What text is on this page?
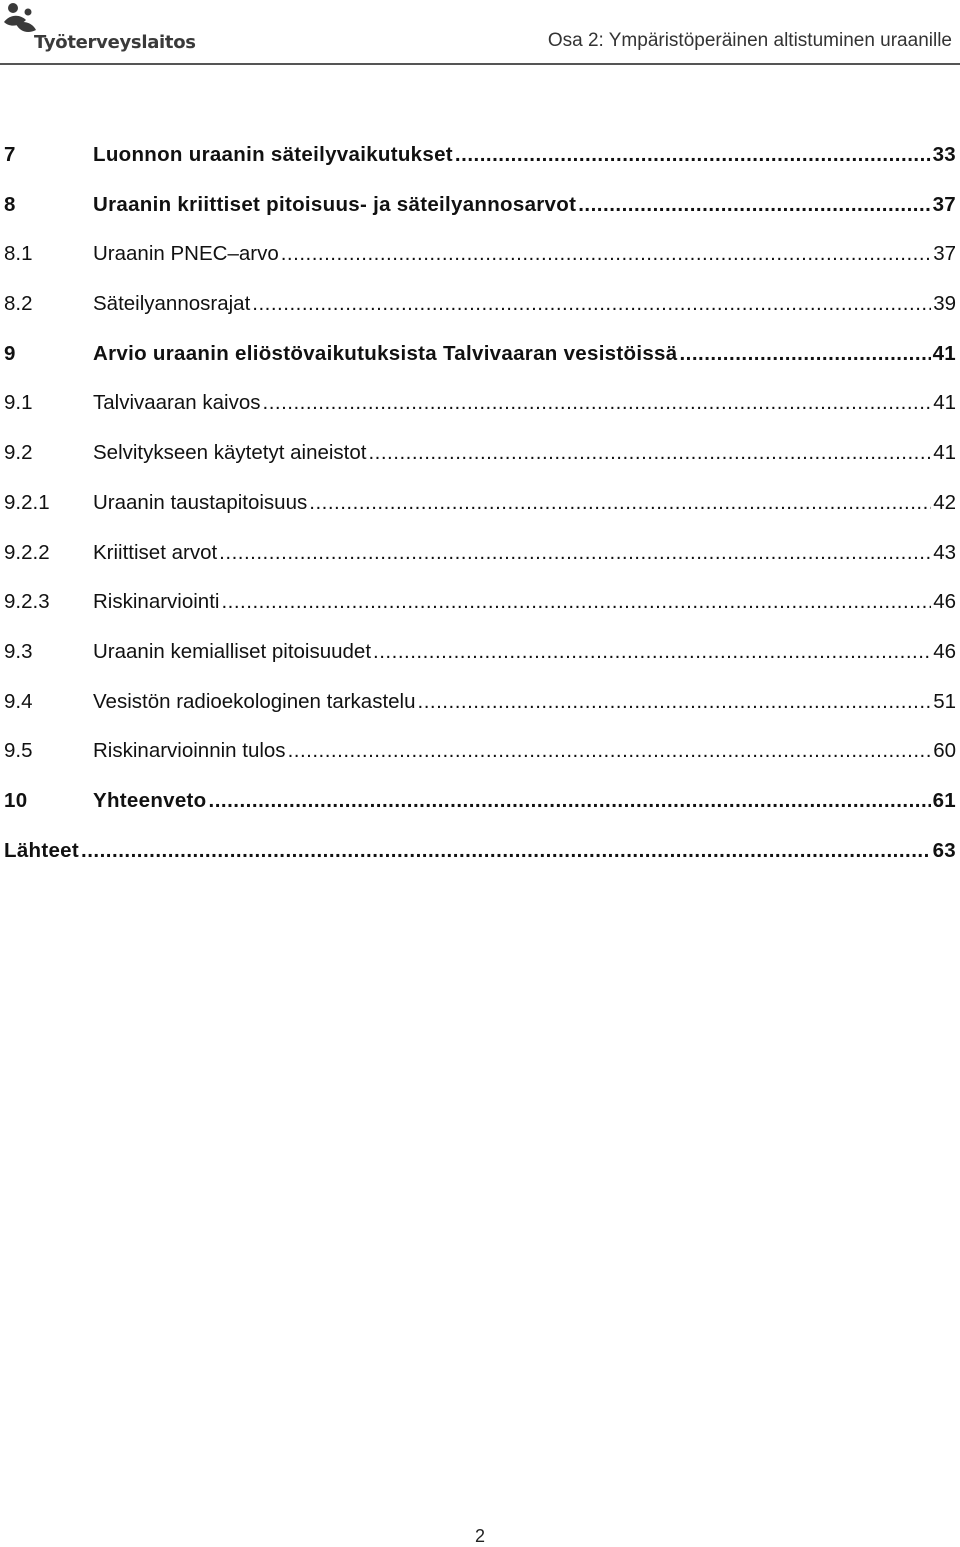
Työterveyslaitos	Osa 2: Ympäristöperäinen altistuminen uraanille
7	Luonnon uraanin säteilyvaikutukset .....	33
8	Uraanin kriittiset pitoisuus- ja säteilyannosarvot .....	37
8.1	Uraanin PNEC–arvo .....	37
8.2	Säteilyannosrajat .....	39
9	Arvio uraanin eliöstövaikutuksista Talvivaaran vesistöissä .....	41
9.1	Talvivaaran kaivos .....	41
9.2	Selvitykseen käytetyt aineistot .....	41
9.2.1 Uraanin taustapitoisuus .....	42
9.2.2 Kriittiset arvot .....	43
9.2.3 Riskinarviointi .....	46
9.3	Uraanin kemialliset pitoisuudet .....	46
9.4	Vesistön radioekologinen tarkastelu .....	51
9.5	Riskinarvioinnin tulos .....	60
10	Yhteenveto .....	61
Lähteet .....	63
2
